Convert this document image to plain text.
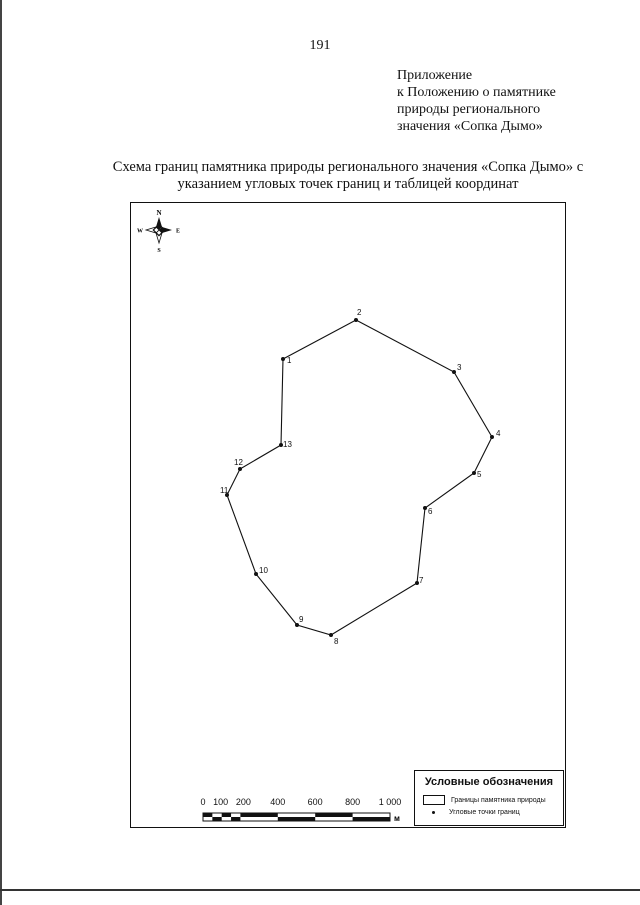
191
Приложение
к Положению о памятнике
природы регионального
значения «Сопка Дымо»
Схема границ памятника природы регионального значения «Сопка Дымо» с
указанием угловых точек границ и таблицей координат
N
S
E
W
1
2
3
4
5
6
7
8
9
10
11
12
13
0 100 200 400 600 800 1 000
м
Условные обозначения
Границы памятника природы
Угловые точки границ
